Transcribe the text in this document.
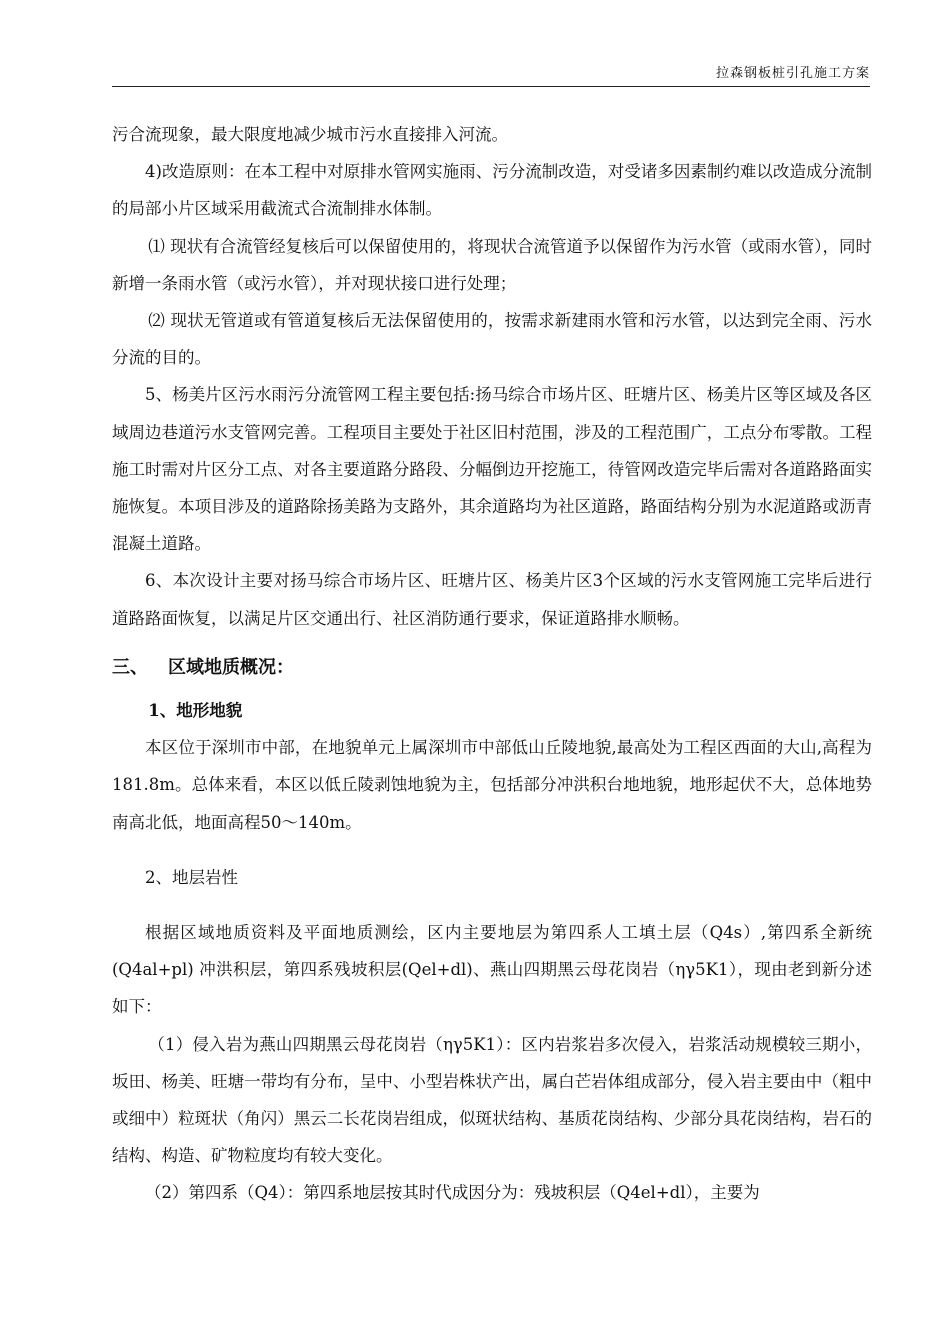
拉森钢板桩引孔施工方案

污合流现象，最大限度地减少城市污水直接排入河流。

4)改造原则：在本工程中对原排水管网实施雨、污分流制改造，对受诸多因素制约难以改造成分流制的局部小片区域采用截流式合流制排水体制。

⑴ 现状有合流管经复核后可以保留使用的，将现状合流管道予以保留作为污水管（或雨水管），同时新增一条雨水管（或污水管），并对现状接口进行处理；

⑵ 现状无管道或有管道复核后无法保留使用的，按需求新建雨水管和污水管，以达到完全雨、污水分流的目的。

5、杨美片区污水雨污分流管网工程主要包括:扬马综合市场片区、旺塘片区、杨美片区等区域及各区域周边巷道污水支管网完善。工程项目主要处于社区旧村范围，涉及的工程范围广，工点分布零散。工程施工时需对片区分工点、对各主要道路分路段、分幅倒边开挖施工，待管网改造完毕后需对各道路路面实施恢复。本项目涉及的道路除扬美路为支路外，其余道路均为社区道路，路面结构分别为水泥道路或沥青混凝土道路。

6、本次设计主要对扬马综合市场片区、旺塘片区、杨美片区3个区域的污水支管网施工完毕后进行道路路面恢复，以满足片区交通出行、社区消防通行要求，保证道路排水顺畅。

三、 区域地质概况：

1、地形地貌

本区位于深圳市中部，在地貌单元上属深圳市中部低山丘陵地貌,最高处为工程区西面的大山,高程为181.8m。总体来看，本区以低丘陵剥蚀地貌为主，包括部分冲洪积台地地貌，地形起伏不大，总体地势南高北低，地面高程50～140m。

2、地层岩性

根据区域地质资料及平面地质测绘，区内主要地层为第四系人工填土层（Q4s）,第四系全新统(Q4al+pl) 冲洪积层，第四系残坡积层(Qel+dl)、燕山四期黑云母花岗岩（ηγ5K1），现由老到新分述如下：

（1）侵入岩为燕山四期黑云母花岗岩（ηγ5K1）：区内岩浆岩多次侵入，岩浆活动规模较三期小，坂田、杨美、旺塘一带均有分布，呈中、小型岩株状产出，属白芒岩体组成部分，侵入岩主要由中（粗中或细中）粒斑状（角闪）黑云二长花岗岩组成，似斑状结构、基质花岗结构、少部分具花岗结构，岩石的结构、构造、矿物粒度均有较大变化。

（2）第四系（Q4）：第四系地层按其时代成因分为：残坡积层（Q4el+dl），主要为
